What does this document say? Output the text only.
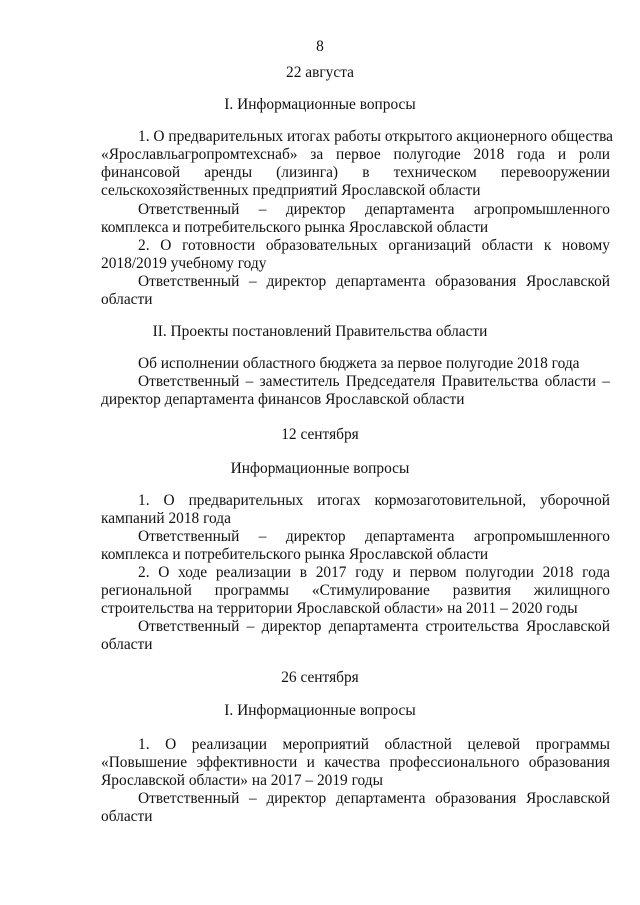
8
22 августа
I. Информационные вопросы
1. О предварительных итогах работы открытого акционерного общества
«Ярославльагропромтехснаб» за первое полугодие 2018 года и роли
финансовой аренды (лизинга) в техническом перевооружении
сельскохозяйственных предприятий Ярославской области
Ответственный – директор департамента агропромышленного
комплекса и потребительского рынка Ярославской области
2. О готовности образовательных организаций области к новому
2018/2019 учебному году
Ответственный – директор департамента образования Ярославской
области
II. Проекты постановлений Правительства области
Об исполнении областного бюджета за первое полугодие 2018 года
Ответственный – заместитель Председателя Правительства области –
директор департамента финансов Ярославской области
12 сентября
Информационные вопросы
1. О предварительных итогах кормозаготовительной, уборочной
кампаний 2018 года
Ответственный – директор департамента агропромышленного
комплекса и потребительского рынка Ярославской области
2. О ходе реализации в 2017 году и первом полугодии 2018 года
региональной программы «Стимулирование развития жилищного
строительства на территории Ярославской области» на 2011 – 2020 годы
Ответственный – директор департамента строительства Ярославской
области
26 сентября
I. Информационные вопросы
1. О реализации мероприятий областной целевой программы
«Повышение эффективности и качества профессионального образования
Ярославской области» на 2017 – 2019 годы
Ответственный – директор департамента образования Ярославской
области
